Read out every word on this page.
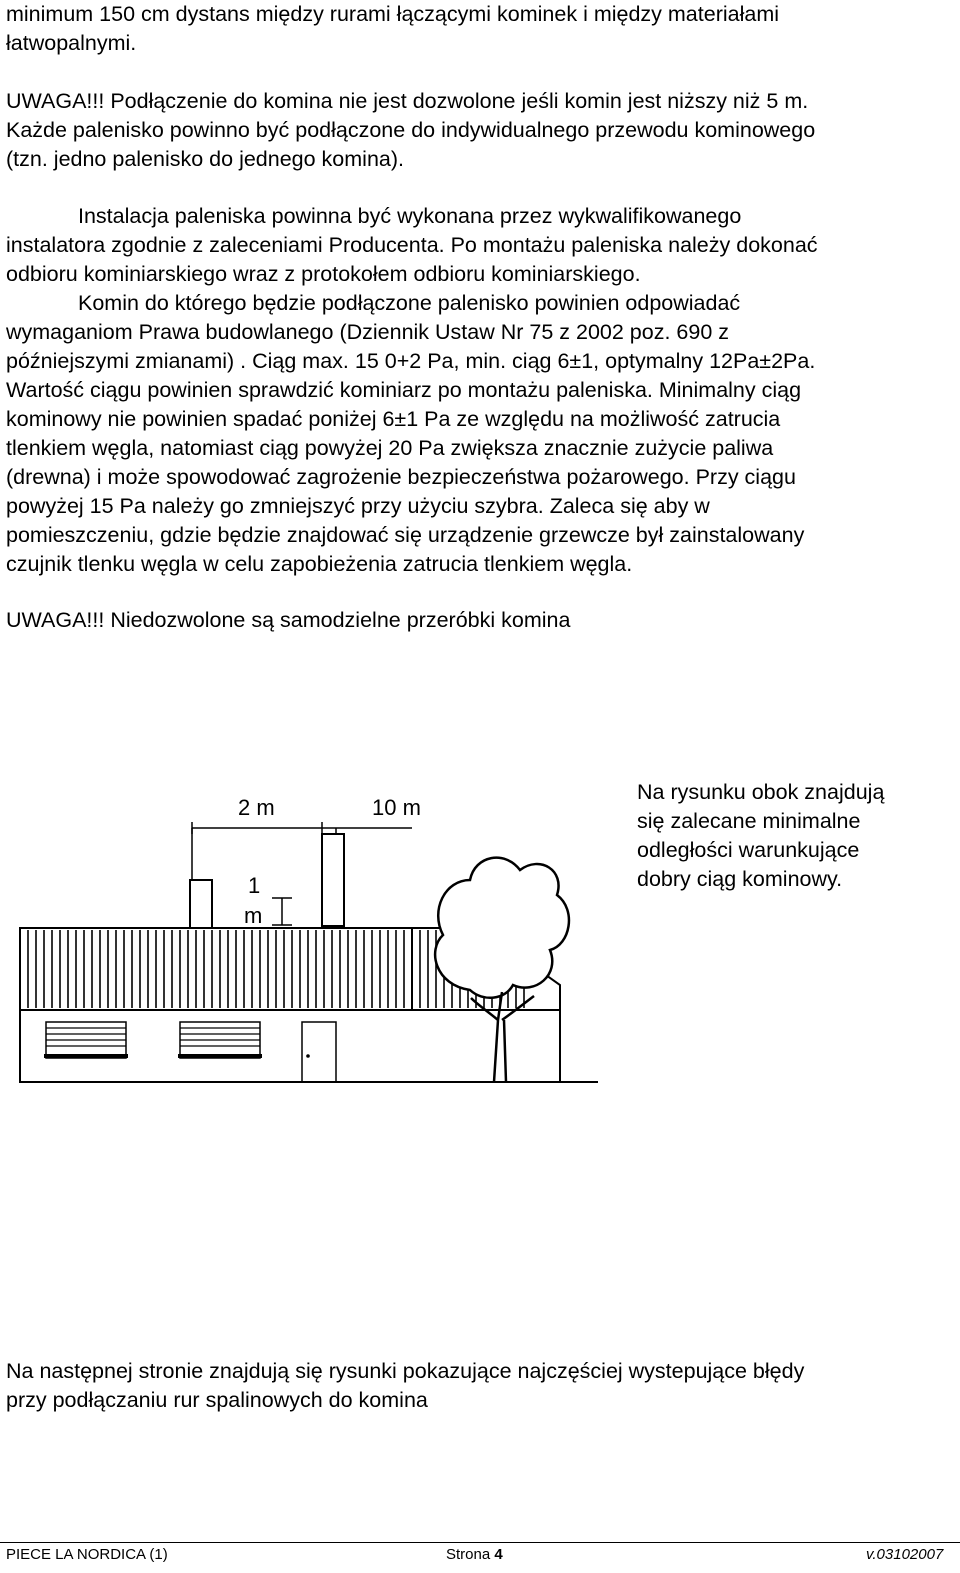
minimum 150 cm dystans między rurami łączącymi kominek i między materiałami
łatwopalnymi.
UWAGA!!! Podłączenie do komina nie jest dozwolone jeśli komin jest niższy niż 5 m.
Każde palenisko powinno być podłączone do indywidualnego przewodu kominowego
(tzn. jedno palenisko do jednego komina).
Instalacja paleniska powinna być wykonana przez wykwalifikowanego
instalatora zgodnie z zaleceniami Producenta. Po montażu paleniska należy dokonać
odbioru kominiarskiego wraz z protokołem odbioru kominiarskiego.
Komin do którego będzie podłączone palenisko powinien odpowiadać
wymaganiom Prawa budowlanego (Dziennik Ustaw Nr 75 z 2002 poz. 690 z
późniejszymi zmianami) . Ciąg max. 15 0+2 Pa, min. ciąg 6±1, optymalny 12Pa±2Pa.
Wartość ciągu powinien sprawdzić kominiarz po montażu paleniska. Minimalny ciąg
kominowy nie powinien spadać poniżej 6±1 Pa ze względu na możliwość zatrucia
tlenkiem węgla, natomiast ciąg powyżej 20 Pa zwiększa znacznie zużycie paliwa
(drewna) i może spowodować zagrożenie bezpieczeństwa pożarowego. Przy ciągu
powyżej 15 Pa należy go zmniejszyć przy użyciu szybra. Zaleca się aby w
pomieszczeniu, gdzie będzie znajdować się urządzenie grzewcze był zainstalowany
czujnik tlenku węgla w celu zapobieżenia zatrucia tlenkiem węgla.
UWAGA!!! Niedozwolone są samodzielne przeróbki komina
2 m	10 m
1
m
Na rysunku obok znajdują
się zalecane minimalne
odległości warunkujące
dobry ciąg kominowy.
Na następnej stronie znajdują się rysunki pokazujące najczęściej wystepujące błędy
przy podłączaniu rur spalinowych do komina
PIECE LA NORDICA (1)	Strona 4	v.03102007
